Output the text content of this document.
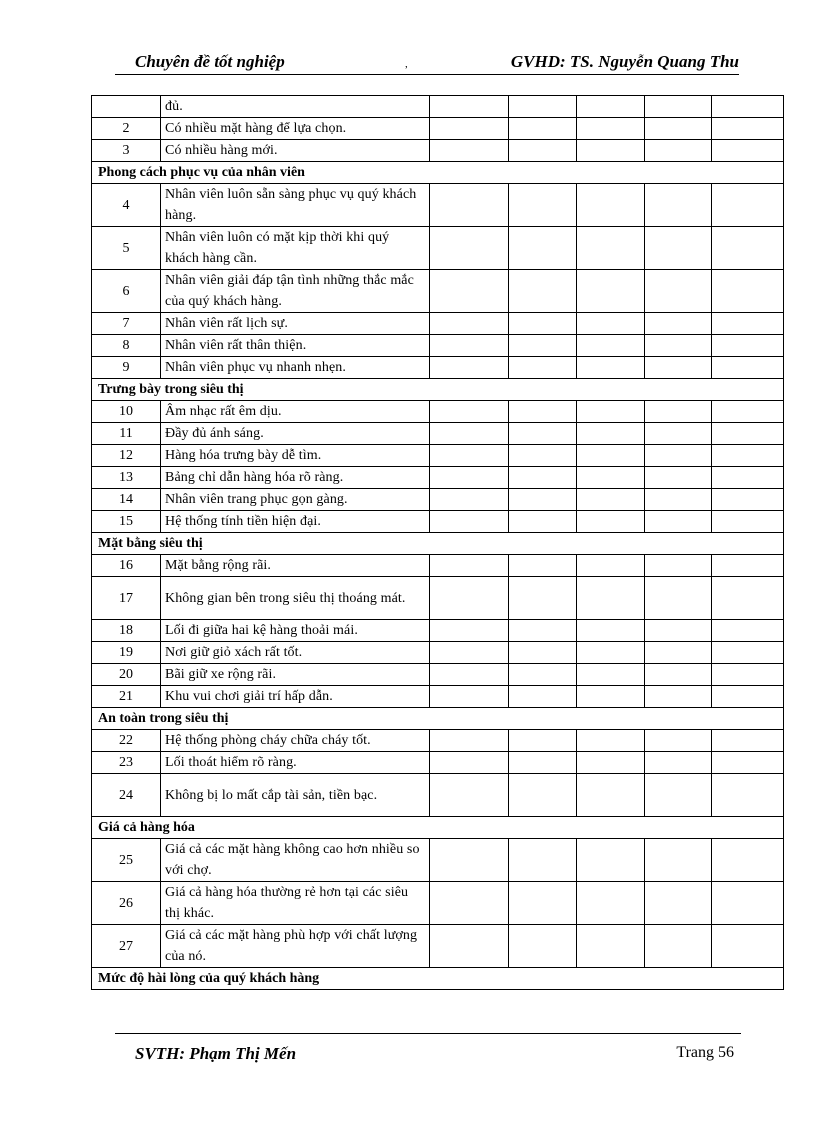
Chuyên đề tốt nghiệp	,	GVHD: TS. Nguyễn Quang Thu
	đủ.					
2	Có nhiều mặt hàng để lựa chọn.					
3	Có nhiều hàng mới.					
Phong cách phục vụ của nhân viên						
4	Nhân viên luôn sẵn sàng phục vụ quý khách hàng.					
5	Nhân viên luôn có mặt kịp thời khi quý khách hàng cần.					
6	Nhân viên giải đáp tận tình những thắc mắc của quý khách hàng.					
7	Nhân viên rất lịch sự.					
8	Nhân viên rất thân thiện.					
9	Nhân viên phục vụ nhanh nhẹn.					
Trưng bày trong siêu thị						
10	Âm nhạc rất êm dịu.					
11	Đầy đủ ánh sáng.					
12	Hàng hóa trưng bày dễ tìm.					
13	Bảng chỉ dẫn hàng hóa rõ ràng.					
14	Nhân viên trang phục gọn gàng.					
15	Hệ thống tính tiền hiện đại.					
Mặt bằng siêu thị						
16	Mặt bằng rộng rãi.					
17	Không gian bên trong siêu thị thoáng mát.					
18	Lối đi giữa hai kệ hàng thoải mái.					
19	Nơi giữ giỏ xách rất tốt.					
20	Bãi giữ xe rộng rãi.					
21	Khu vui chơi giải trí hấp dẫn.					
An toàn trong siêu thị						
22	Hệ thống phòng cháy chữa cháy tốt.					
23	Lối thoát hiểm rõ ràng.					
24	Không bị lo mất cắp tài sản, tiền bạc.					
Giá cả hàng hóa						
25	Giá cả các mặt hàng không cao hơn nhiều so với chợ.					
26	Giá cả hàng hóa thường rẻ hơn tại các siêu thị khác.					
27	Giá cả các mặt hàng phù hợp với chất lượng của nó.					
Mức độ hài lòng của quý khách hàng						
SVTH: Phạm Thị Mến	Trang 56
